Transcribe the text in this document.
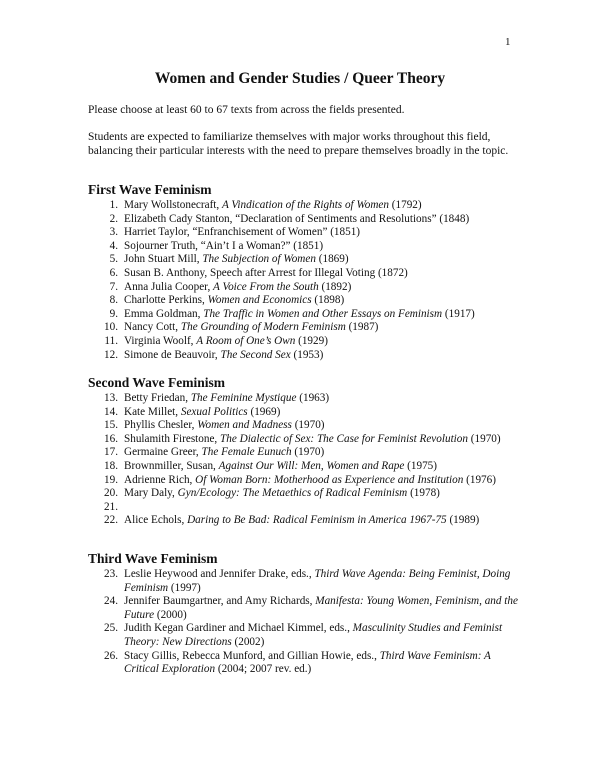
1
Women and Gender Studies / Queer Theory
Please choose at least 60 to 67 texts from across the fields presented.
Students are expected to familiarize themselves with major works throughout this field, balancing their particular interests with the need to prepare themselves broadly in the topic.
First Wave Feminism
1. Mary Wollstonecraft, A Vindication of the Rights of Women (1792)
2. Elizabeth Cady Stanton, “Declaration of Sentiments and Resolutions” (1848)
3. Harriet Taylor, “Enfranchisement of Women” (1851)
4. Sojourner Truth, “Ain’t I a Woman?” (1851)
5. John Stuart Mill, The Subjection of Women (1869)
6. Susan B. Anthony, Speech after Arrest for Illegal Voting (1872)
7. Anna Julia Cooper, A Voice From the South (1892)
8. Charlotte Perkins, Women and Economics (1898)
9. Emma Goldman, The Traffic in Women and Other Essays on Feminism (1917)
10. Nancy Cott, The Grounding of Modern Feminism (1987)
11. Virginia Woolf, A Room of One’s Own (1929)
12. Simone de Beauvoir, The Second Sex (1953)
Second Wave Feminism
13. Betty Friedan, The Feminine Mystique (1963)
14. Kate Millet, Sexual Politics (1969)
15. Phyllis Chesler, Women and Madness (1970)
16. Shulamith Firestone, The Dialectic of Sex: The Case for Feminist Revolution (1970)
17. Germaine Greer, The Female Eunuch (1970)
18. Brownmiller, Susan, Against Our Will: Men, Women and Rape (1975)
19. Adrienne Rich, Of Woman Born: Motherhood as Experience and Institution (1976)
20. Mary Daly, Gyn/Ecology: The Metaethics of Radical Feminism (1978)
21.
22. Alice Echols, Daring to Be Bad: Radical Feminism in America 1967-75 (1989)
Third Wave Feminism
23. Leslie Heywood and Jennifer Drake, eds., Third Wave Agenda: Being Feminist, Doing Feminism (1997)
24. Jennifer Baumgartner, and Amy Richards, Manifesta: Young Women, Feminism, and the Future (2000)
25. Judith Kegan Gardiner and Michael Kimmel, eds., Masculinity Studies and Feminist Theory: New Directions (2002)
26. Stacy Gillis, Rebecca Munford, and Gillian Howie, eds., Third Wave Feminism: A Critical Exploration (2004; 2007 rev. ed.)
